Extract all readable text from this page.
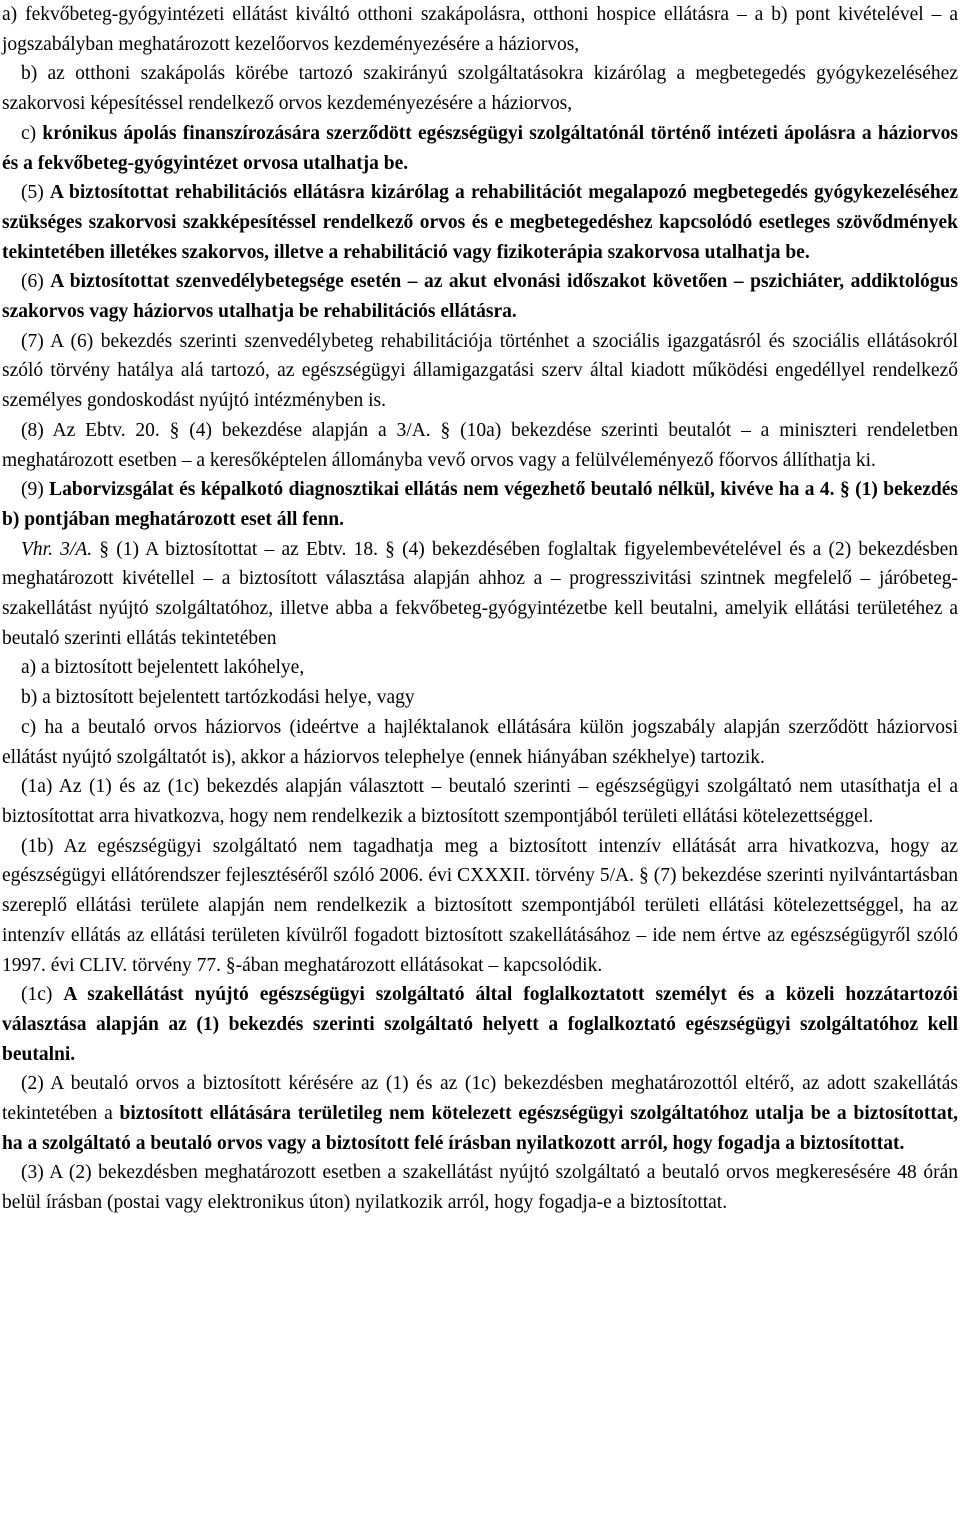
a) fekvőbeteg-gyógyintézeti ellátást kiváltó otthoni szakápolásra, otthoni hospice ellátásra – a b) pont kivételével – a jogszabályban meghatározott kezelőorvos kezdeményezésére a háziorvos,

b) az otthoni szakápolás körébe tartozó szakirányú szolgáltatásokra kizárólag a megbetegedés gyógykezeléséhez szakorvosi képesítéssel rendelkező orvos kezdeményezésére a háziorvos,

c) krónikus ápolás finanszírozására szerződött egészségügyi szolgáltatónál történő intézeti ápolásra a háziorvos és a fekvőbeteg-gyógyintézet orvosa utalhatja be.

(5) A biztosítottat rehabilitációs ellátásra kizárólag a rehabilitációt megalapozó megbetegedés gyógykezeléséhez szükséges szakorvosi szakképesítéssel rendelkező orvos és e megbetegedéshez kapcsolódó esetleges szövődmények tekintetében illetékes szakorvos, illetve a rehabilitáció vagy fizikoterápia szakorvosa utalhatja be.

(6) A biztosítottat szenvedélybetegsége esetén – az akut elvonási időszakot követően – pszichiáter, addiktológus szakorvos vagy háziorvos utalhatja be rehabilitációs ellátásra.

(7) A (6) bekezdés szerinti szenvedélybeteg rehabilitációja történhet a szociális igazgatásról és szociális ellátásokról szóló törvény hatálya alá tartozó, az egészségügyi államigazgatási szerv által kiadott működési engedéllyel rendelkező személyes gondoskodást nyújtó intézményben is.

(8) Az Ebtv. 20. § (4) bekezdése alapján a 3/A. § (10a) bekezdése szerinti beutalót – a miniszteri rendeletben meghatározott esetben – a keresőképtelen állományba vevő orvos vagy a felülvéleményező főorvos állíthatja ki.

(9) Laborvizsgálat és képalkotó diagnosztikai ellátás nem végezhető beutaló nélkül, kivéve ha a 4. § (1) bekezdés b) pontjában meghatározott eset áll fenn.

Vhr. 3/A. § (1) A biztosítottat – az Ebtv. 18. § (4) bekezdésében foglaltak figyelembevételével és a (2) bekezdésben meghatározott kivétellel – a biztosított választása alapján ahhoz a – progresszivitási szintnek megfelelő – járóbeteg-szakellátást nyújtó szolgáltatóhoz, illetve abba a fekvőbeteg-gyógyintézetbe kell beutalni, amelyik ellátási területéhez a beutaló szerinti ellátás tekintetében

a) a biztosított bejelentett lakóhelye,

b) a biztosított bejelentett tartózkodási helye, vagy

c) ha a beutaló orvos háziorvos (ideértve a hajléktalanok ellátására külön jogszabály alapján szerződött háziorvosi ellátást nyújtó szolgáltatót is), akkor a háziorvos telephelye (ennek hiányában székhelye) tartozik.

(1a) Az (1) és az (1c) bekezdés alapján választott – beutaló szerinti – egészségügyi szolgáltató nem utasíthatja el a biztosítottat arra hivatkozva, hogy nem rendelkezik a biztosított szempontjából területi ellátási kötelezettséggel.

(1b) Az egészségügyi szolgáltató nem tagadhatja meg a biztosított intenzív ellátását arra hivatkozva, hogy az egészségügyi ellátórendszer fejlesztéséről szóló 2006. évi CXXXII. törvény 5/A. § (7) bekezdése szerinti nyilvántartásban szereplő ellátási területe alapján nem rendelkezik a biztosított szempontjából területi ellátási kötelezettséggel, ha az intenzív ellátás az ellátási területen kívülről fogadott biztosított szakellátásához – ide nem értve az egészségügyről szóló 1997. évi CLIV. törvény 77. §-ában meghatározott ellátásokat – kapcsolódik.

(1c) A szakellátást nyújtó egészségügyi szolgáltató által foglalkoztatott személyt és a közeli hozzátartozói választása alapján az (1) bekezdés szerinti szolgáltató helyett a foglalkoztató egészségügyi szolgáltatóhoz kell beutalni.

(2) A beutaló orvos a biztosított kérésére az (1) és az (1c) bekezdésben meghatározottól eltérő, az adott szakellátás tekintetében a biztosított ellátására területileg nem kötelezett egészségügyi szolgáltatóhoz utalja be a biztosítottat, ha a szolgáltató a beutaló orvos vagy a biztosított felé írásban nyilatkozott arról, hogy fogadja a biztosítottat.

(3) A (2) bekezdésben meghatározott esetben a szakellátást nyújtó szolgáltató a beutaló orvos megkeresésére 48 órán belül írásban (postai vagy elektronikus úton) nyilatkozik arról, hogy fogadja-e a biztosítottat.
